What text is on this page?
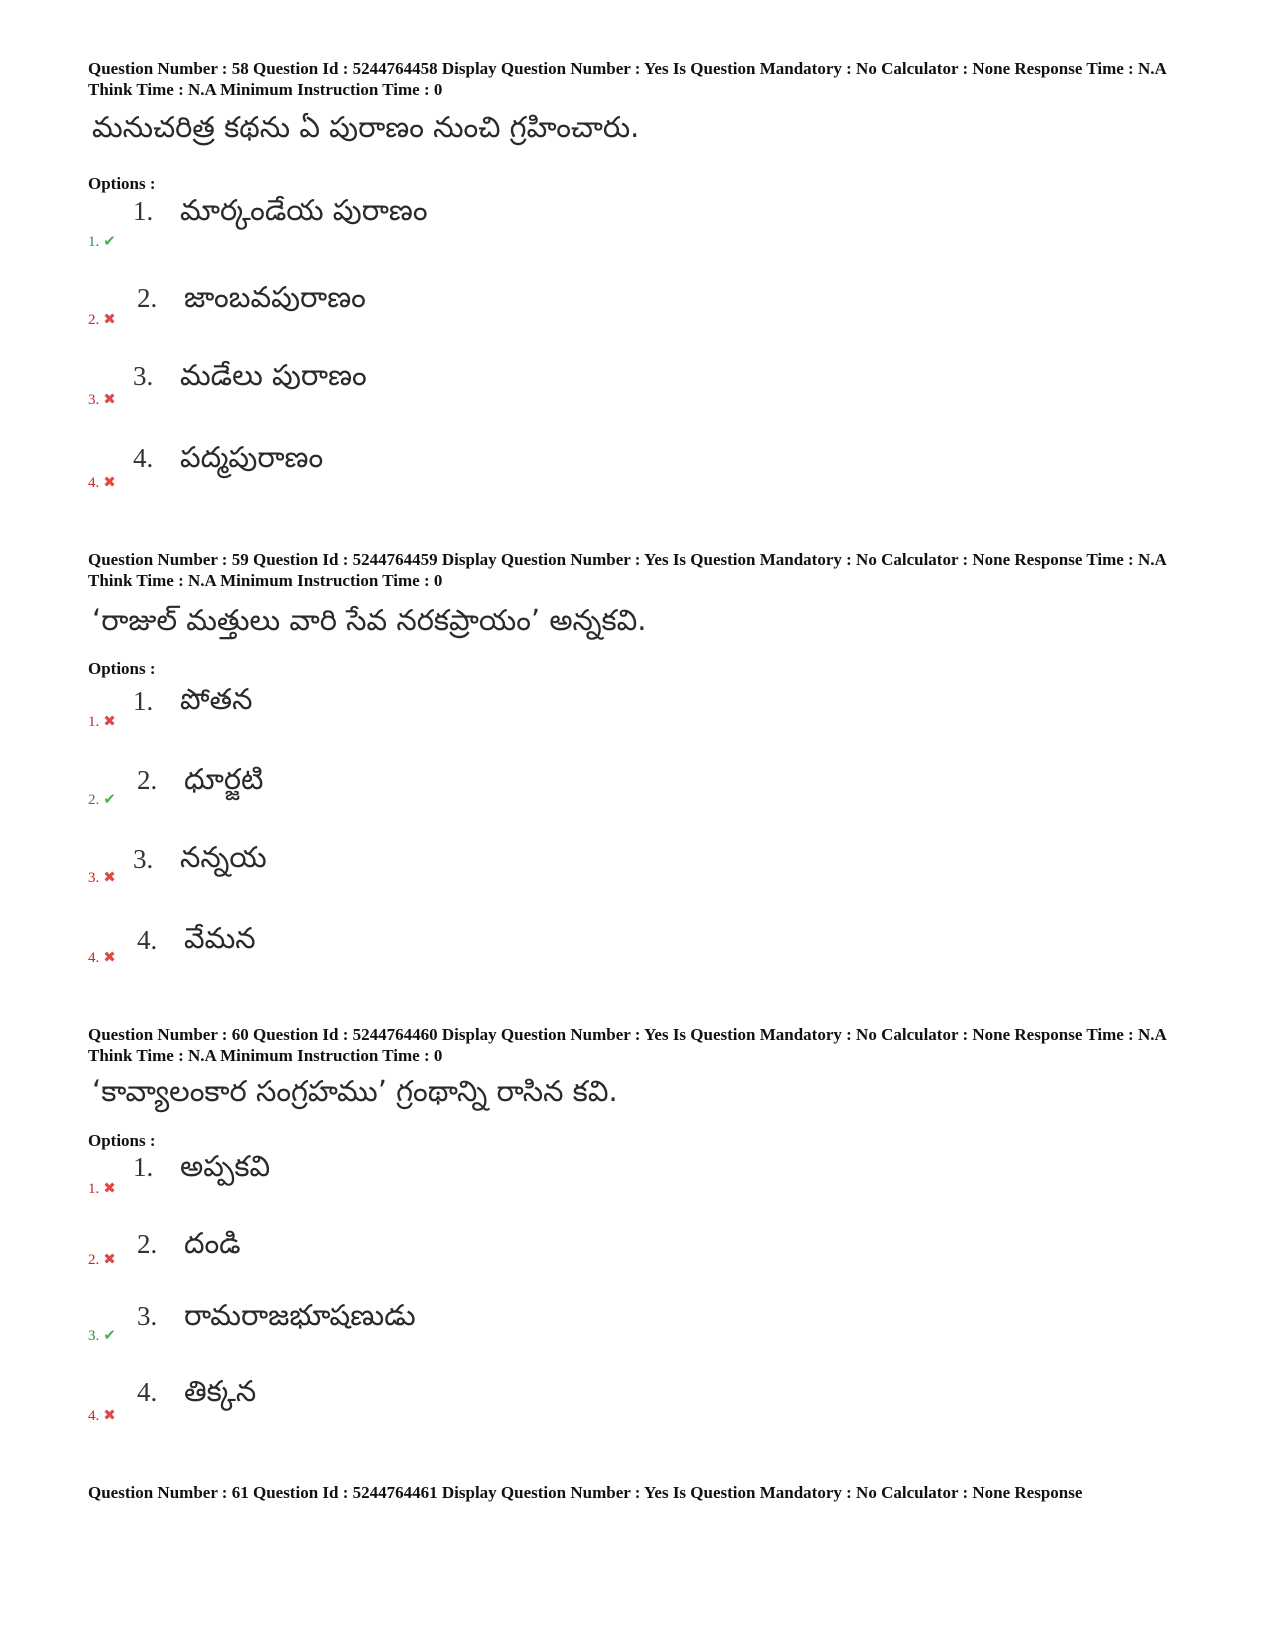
Question Number : 58 Question Id : 5244764458 Display Question Number : Yes Is Question Mandatory : No Calculator : None Response Time : N.A Think Time : N.A Minimum Instruction Time : 0
మనుచరిత్ర కథను ఏ పురాణం నుంచి గ్రహించారు.
Options :
1. ✔
1. మార్కండేయ పురాణం
2. ✖
2. జాంబవపురాణం
3. ✖
3. మడేలు పురాణం
4. ✖
4. పద్మపురాణం
Question Number : 59 Question Id : 5244764459 Display Question Number : Yes Is Question Mandatory : No Calculator : None Response Time : N.A Think Time : N.A Minimum Instruction Time : 0
‘రాజుల్ మత్తులు వారి సేవ నరకప్రాయం’ అన్నకవి.
Options :
1. ✖
1. పోతన
2. ✔
2. ధూర్జటి
3. ✖
3. నన్నయ
4. ✖
4. వేమన
Question Number : 60 Question Id : 5244764460 Display Question Number : Yes Is Question Mandatory : No Calculator : None Response Time : N.A Think Time : N.A Minimum Instruction Time : 0
‘కావ్యాలంకార సంగ్రహము’ గ్రంథాన్ని రాసిన కవి.
Options :
1. ✖
1. అప్పకవి
2. ✖
2. దండి
3. ✔
3. రామరాజభూషణుడు
4. ✖
4. తిక్కన
Question Number : 61 Question Id : 5244764461 Display Question Number : Yes Is Question Mandatory : No Calculator : None Response
